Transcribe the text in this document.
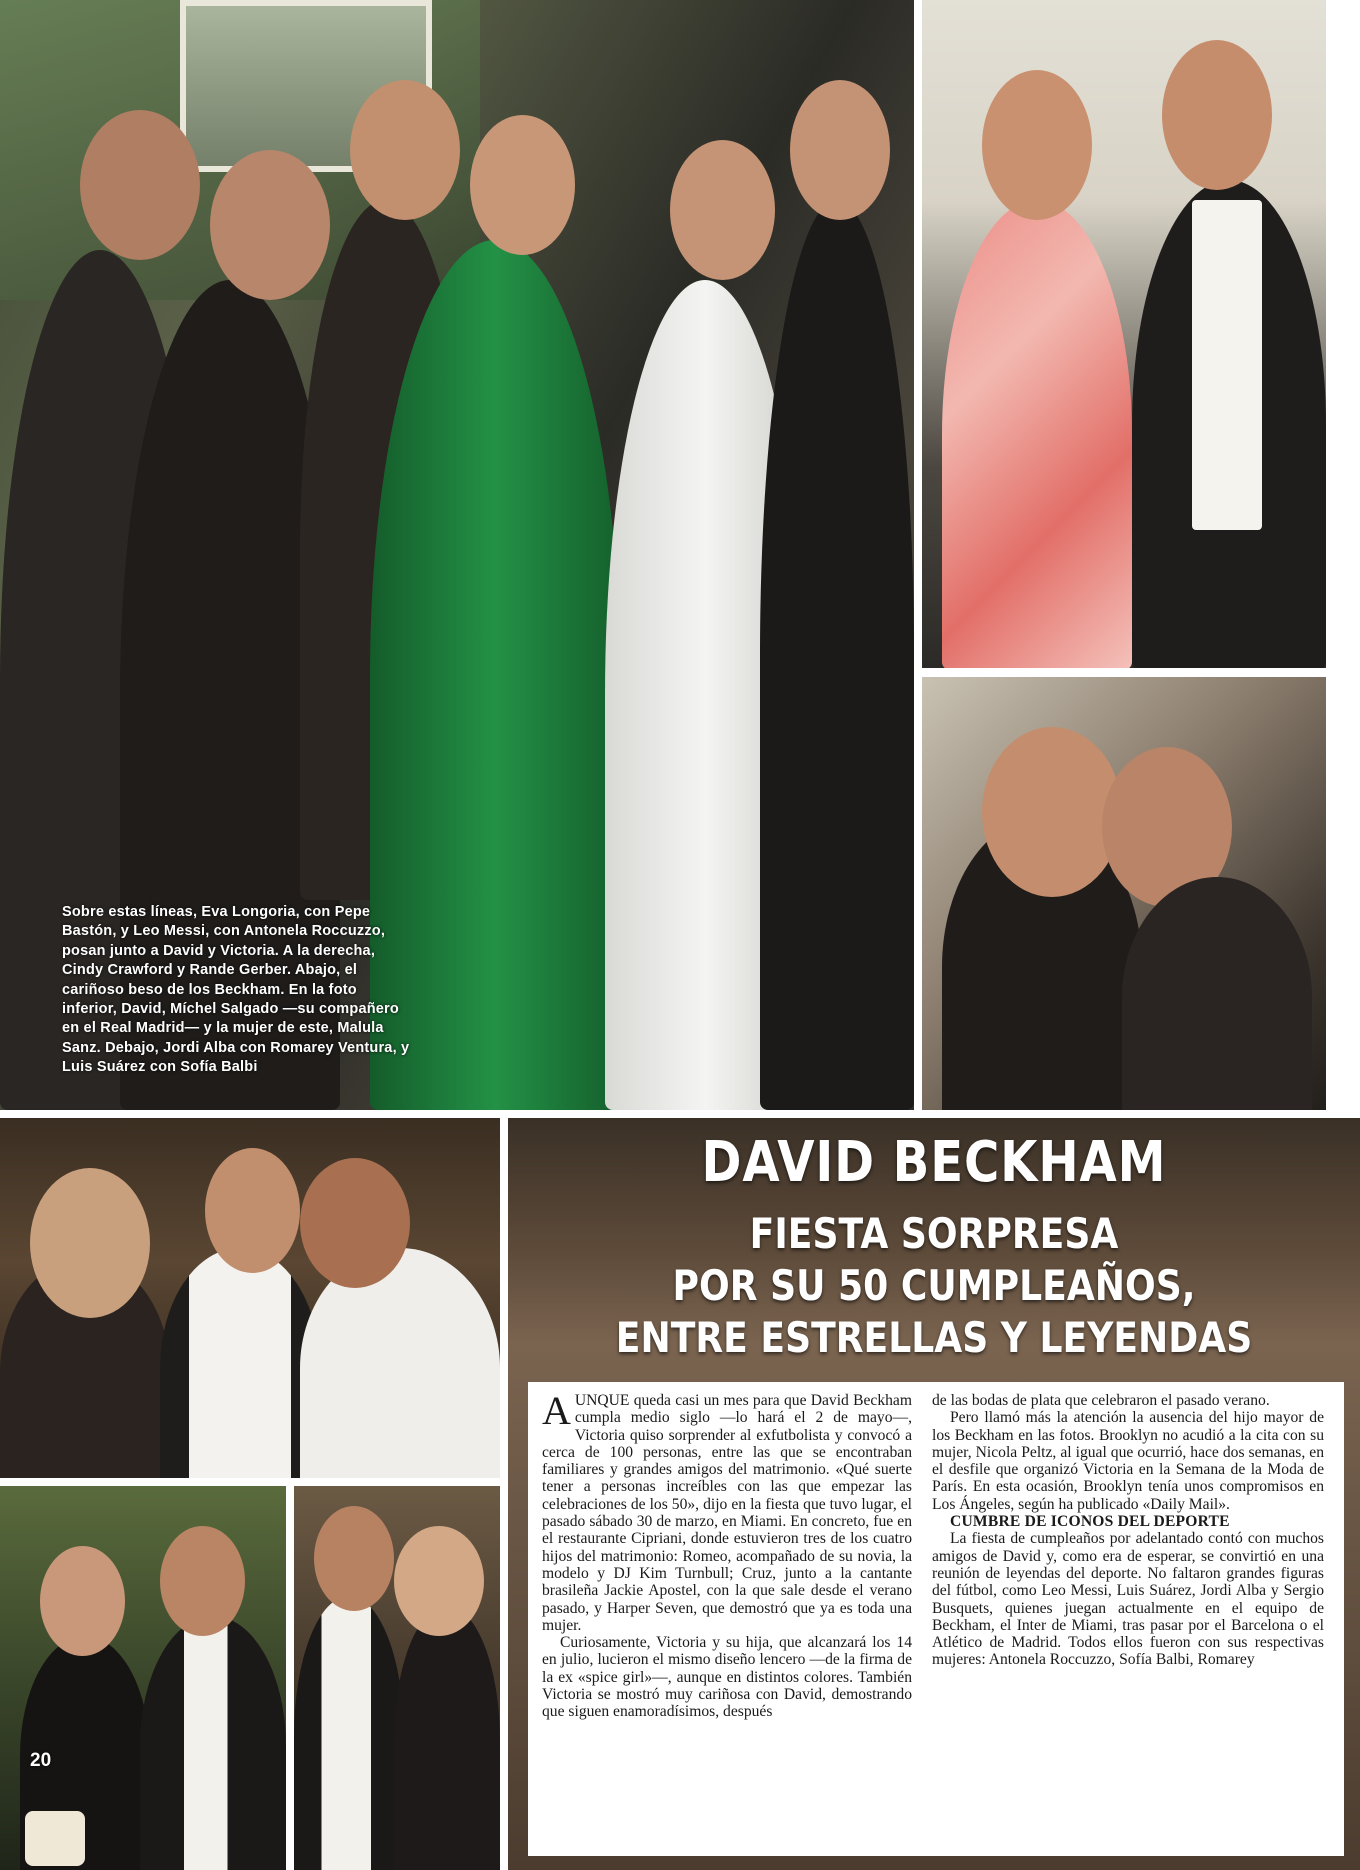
Sobre estas líneas, Eva Longoria, con Pepe Bastón, y Leo Messi, con Antonela Roccuzzo, posan junto a David y Victoria. A la derecha, Cindy Crawford y Rande Gerber. Abajo, el cariñoso beso de los Beckham. En la foto inferior, David, Míchel Salgado —su compañero en el Real Madrid— y la mujer de este, Malula Sanz. Debajo, Jordi Alba con Romarey Ventura, y Luis Suárez con Sofía Balbi
20
DAVID BECKHAM
FIESTA SORPRESA
POR SU 50 CUMPLEAÑOS,
ENTRE ESTRELLAS Y LEYENDAS

AUNQUE queda casi un mes para que David Beckham cumpla medio siglo —lo hará el 2 de mayo—, Victoria quiso sorprender al exfutbolista y convocó a cerca de 100 personas, entre las que se encontraban familiares y grandes amigos del matrimonio. «Qué suerte tener a personas increíbles con las que empezar las celebraciones de los 50», dijo en la fiesta que tuvo lugar, el pasado sábado 30 de marzo, en Miami. En concreto, fue en el restaurante Cipriani, donde estuvieron tres de los cuatro hijos del matrimonio: Romeo, acompañado de su novia, la modelo y DJ Kim Turnbull; Cruz, junto a la cantante brasileña Jackie Apostel, con la que sale desde el verano pasado, y Harper Seven, que demostró que ya es toda una mujer.

Curiosamente, Victoria y su hija, que alcanzará los 14 en julio, lucieron el mismo diseño lencero —de la firma de la ex «spice girl»—, aunque en distintos colores. También Victoria se mostró muy cariñosa con David, demostrando que siguen enamoradísimos, después

de las bodas de plata que celebraron el pasado verano.

Pero llamó más la atención la ausencia del hijo mayor de los Beckham en las fotos. Brooklyn no acudió a la cita con su mujer, Nicola Peltz, al igual que ocurrió, hace dos semanas, en el desfile que organizó Victoria en la Semana de la Moda de París. En esta ocasión, Brooklyn tenía unos compromisos en Los Ángeles, según ha publicado «Daily Mail».

CUMBRE DE ICONOS DEL DEPORTE

La fiesta de cumpleaños por adelantado contó con muchos amigos de David y, como era de esperar, se convirtió en una reunión de leyendas del deporte. No faltaron grandes figuras del fútbol, como Leo Messi, Luis Suárez, Jordi Alba y Sergio Busquets, quienes juegan actualmente en el equipo de Beckham, el Inter de Miami, tras pasar por el Barcelona o el Atlético de Madrid. Todos ellos fueron con sus respectivas mujeres: Antonela Roccuzzo, Sofía Balbi, Romarey
